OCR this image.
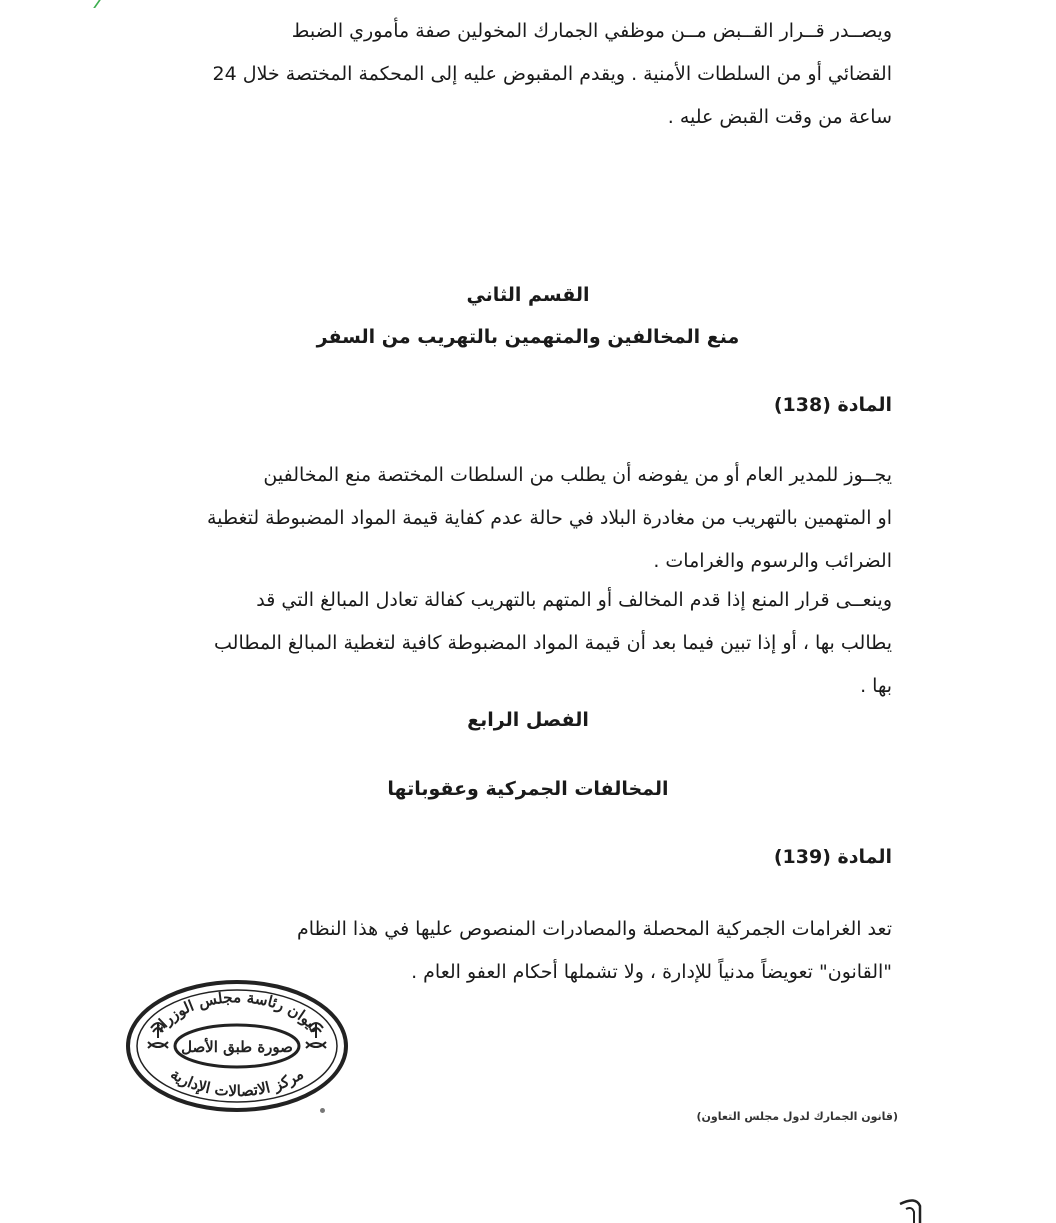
ويصــدر قــرار القــبض مــن موظفي الجمارك المخولين صفة مأموري الضبط
القضائي أو من السلطات الأمنية . ويقدم المقبوض عليه إلى المحكمة المختصة خلال 24
ساعة من وقت القبض عليه .

القسم الثاني

منع المخالفين والمتهمين بالتهريب من السفر

المادة (138)

يجــوز للمدير العام أو من يفوضه أن يطلب من السلطات المختصة منع المخالفين
او المتهمين بالتهريب من مغادرة البلاد في حالة عدم كفاية قيمة المواد المضبوطة لتغطية
الضرائب والرسوم والغرامات .
وينعــى قرار المنع إذا قدم المخالف أو المتهم بالتهريب كفالة تعادل المبالغ التي قد
يطالب بها ، أو إذا تبين فيما بعد أن قيمة المواد المضبوطة كافية لتغطية المبالغ المطالب
بها .

الفصل الرابع

المخالفات الجمركية وعقوباتها

المادة (139)

تعد الغرامات الجمركية المحصلة والمصادرات المنصوص عليها في هذا النظام
"القانون" تعويضاً مدنياً للإدارة ، ولا تشملها أحكام العفو العام .
ديوان رئاسة مجلس الوزراء
صورة طبق الأصل
مركز الاتصالات الإدارية

(قانون الجمارك لدول مجلس التعاون)
